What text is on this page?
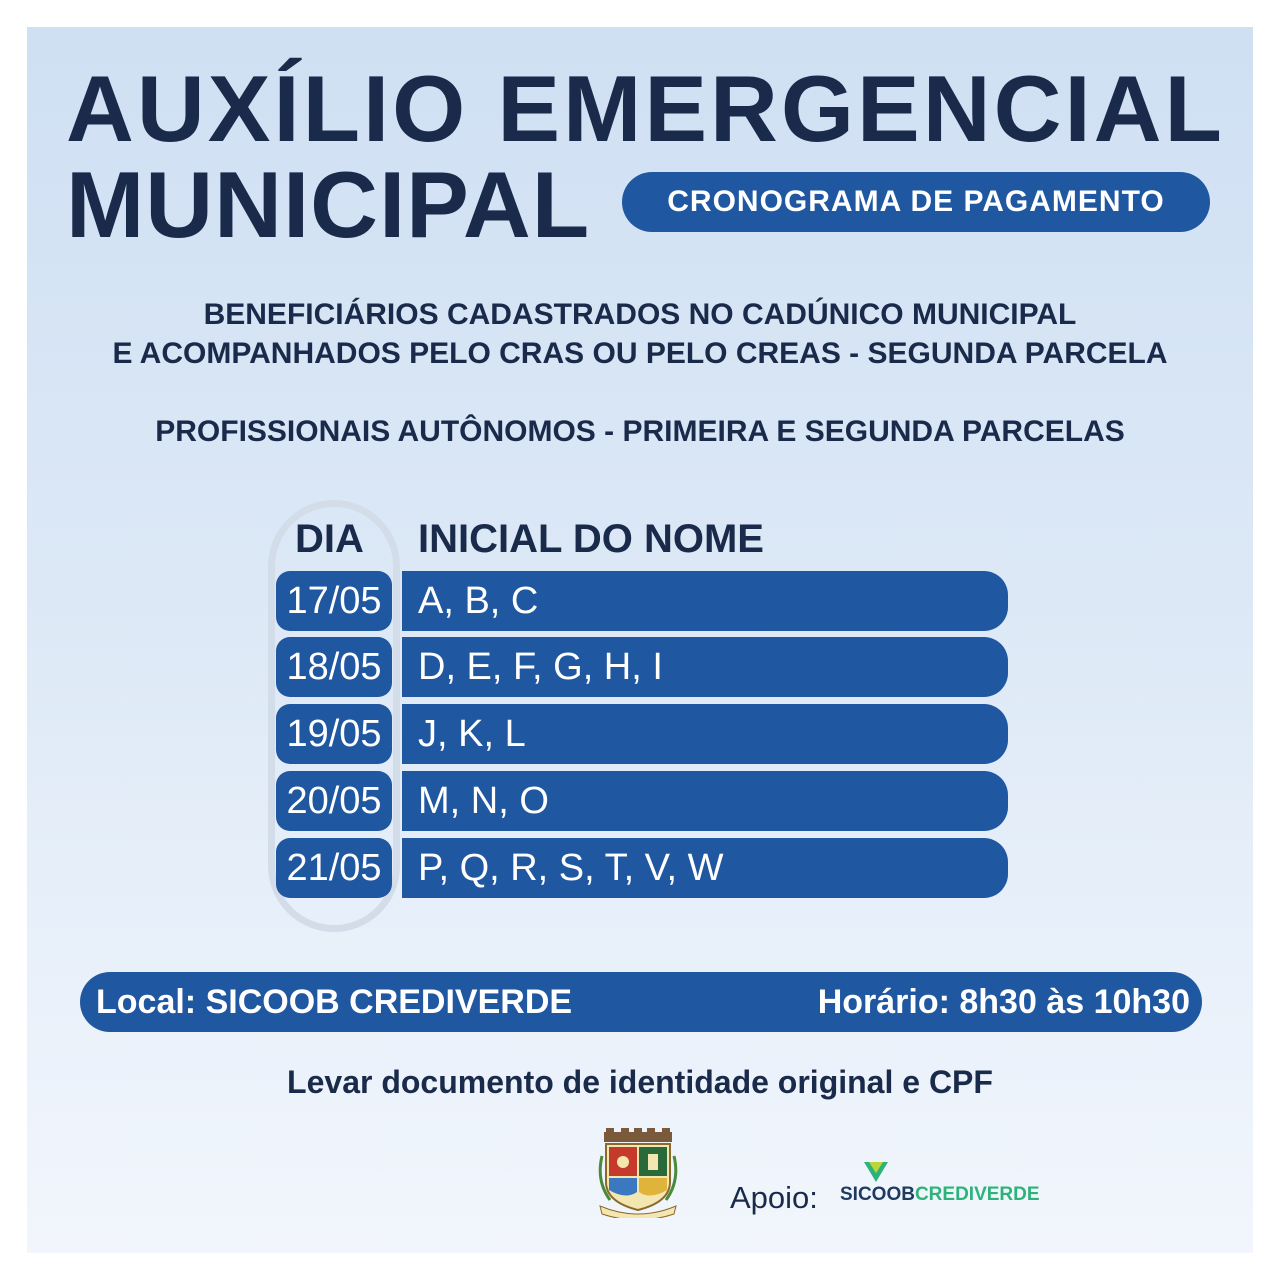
AUXÍLIO EMERGENCIAL
MUNICIPAL	CRONOGRAMA DE PAGAMENTO
BENEFICIÁRIOS CADASTRADOS NO CADÚNICO MUNICIPAL
E ACOMPANHADOS PELO CRAS OU PELO CREAS - SEGUNDA PARCELA
PROFISSIONAIS AUTÔNOMOS - PRIMEIRA E SEGUNDA PARCELAS
DIA INICIAL DO NOME
17/05 A, B, C
18/05 D, E, F, G, H, I
19/05 J, K, L
20/05 M, N, O
21/05 P, Q, R, S, T, V, W
Local: SICOOB CREDIVERDE	Horário: 8h30 às 10h30
Levar documento de identidade original e CPF
Apoio: SICOOBCREDIVERDE
